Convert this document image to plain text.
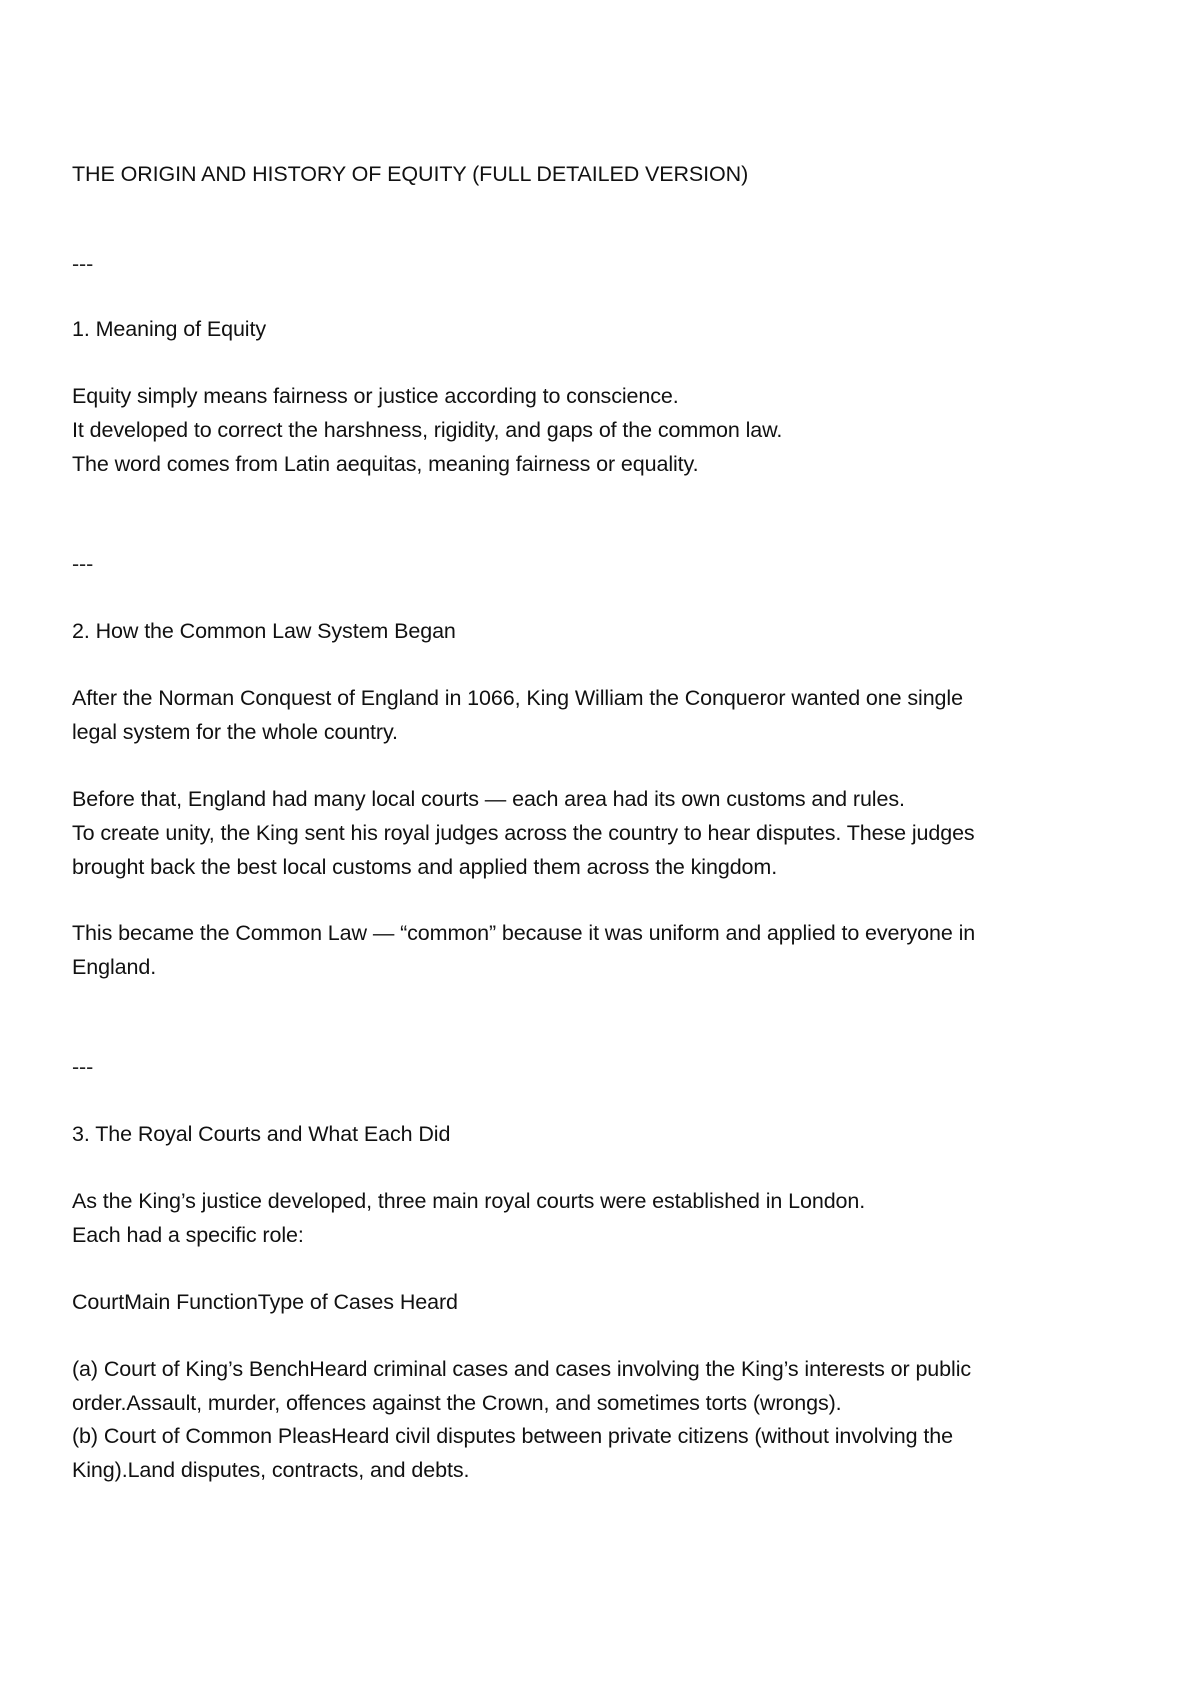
THE ORIGIN AND HISTORY OF EQUITY (FULL DETAILED VERSION)

---

1. Meaning of Equity

Equity simply means fairness or justice according to conscience.

It developed to correct the harshness, rigidity, and gaps of the common law.

The word comes from Latin aequitas, meaning fairness or equality.

---

2. How the Common Law System Began

After the Norman Conquest of England in 1066, King William the Conqueror wanted one single

legal system for the whole country.

Before that, England had many local courts — each area had its own customs and rules.

To create unity, the King sent his royal judges across the country to hear disputes. These judges

brought back the best local customs and applied them across the kingdom.

This became the Common Law — “common” because it was uniform and applied to everyone in

England.

---

3. The Royal Courts and What Each Did

As the King’s justice developed, three main royal courts were established in London.

Each had a specific role:

CourtMain FunctionType of Cases Heard

(a) Court of King’s BenchHeard criminal cases and cases involving the King’s interests or public

order.Assault, murder, offences against the Crown, and sometimes torts (wrongs).

(b) Court of Common PleasHeard civil disputes between private citizens (without involving the

King).Land disputes, contracts, and debts.
